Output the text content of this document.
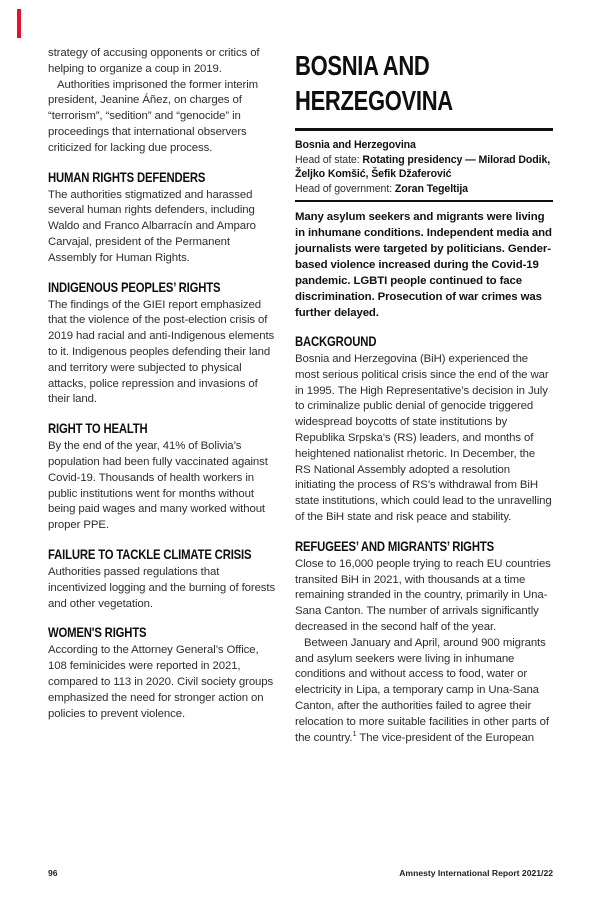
strategy of accusing opponents or critics of helping to organize a coup in 2019.

Authorities imprisoned the former interim president, Jeanine Áñez, on charges of “terrorism”, “sedition” and “genocide” in proceedings that international observers criticized for lacking due process.

HUMAN RIGHTS DEFENDERS

The authorities stigmatized and harassed several human rights defenders, including Waldo and Franco Albarracín and Amparo Carvajal, president of the Permanent Assembly for Human Rights.

INDIGENOUS PEOPLES’ RIGHTS

The findings of the GIEI report emphasized that the violence of the post-election crisis of 2019 had racial and anti-Indigenous elements to it. Indigenous peoples defending their land and territory were subjected to physical attacks, police repression and invasions of their land.

RIGHT TO HEALTH

By the end of the year, 41% of Bolivia’s population had been fully vaccinated against Covid-19. Thousands of health workers in public institutions went for months without being paid wages and many worked without proper PPE.

FAILURE TO TACKLE CLIMATE CRISIS

Authorities passed regulations that incentivized logging and the burning of forests and other vegetation.

WOMEN'S RIGHTS

According to the Attorney General’s Office, 108 feminicides were reported in 2021, compared to 113 in 2020. Civil society groups emphasized the need for stronger action on policies to prevent violence.

BOSNIA AND
HERZEGOVINA

Bosnia and Herzegovina

Head of state: Rotating presidency — Milorad Dodik, Željko Komšić, Šefik Džaferović

Head of government: Zoran Tegeltija

Many asylum seekers and migrants were living in inhumane conditions. Independent media and journalists were targeted by politicians. Gender-based violence increased during the Covid-19 pandemic. LGBTI people continued to face discrimination. Prosecution of war crimes was further delayed.

BACKGROUND

Bosnia and Herzegovina (BiH) experienced the most serious political crisis since the end of the war in 1995. The High Representative’s decision in July to criminalize public denial of genocide triggered widespread boycotts of state institutions by Republika Srpska’s (RS) leaders, and months of heightened nationalist rhetoric. In December, the RS National Assembly adopted a resolution initiating the process of RS’s withdrawal from BiH state institutions, which could lead to the unravelling of the BiH state and risk peace and stability.

REFUGEES’ AND MIGRANTS’ RIGHTS

Close to 16,000 people trying to reach EU countries transited BiH in 2021, with thousands at a time remaining stranded in the country, primarily in Una-Sana Canton. The number of arrivals significantly decreased in the second half of the year.

Between January and April, around 900 migrants and asylum seekers were living in inhumane conditions and without access to food, water or electricity in Lipa, a temporary camp in Una-Sana Canton, after the authorities failed to agree their relocation to more suitable facilities in other parts of the country.$^1$ The vice-president of the European

96	Amnesty International Report 2021/22
